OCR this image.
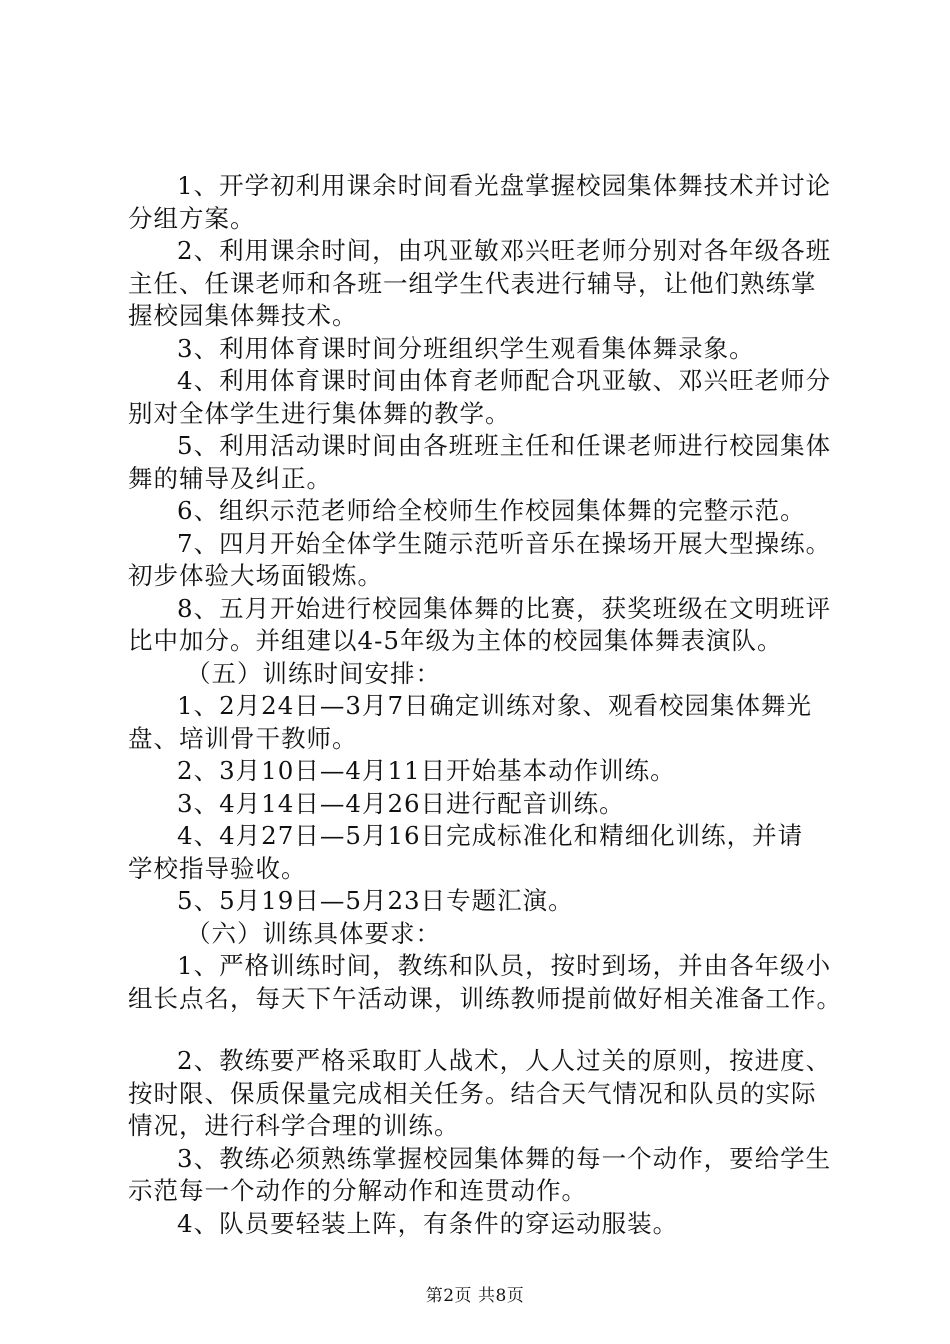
1、开学初利用课余时间看光盘掌握校园集体舞技术并讨论

分组方案。

2、利用课余时间，由巩亚敏邓兴旺老师分别对各年级各班

主任、任课老师和各班一组学生代表进行辅导，让他们熟练掌

握校园集体舞技术。

3、利用体育课时间分班组织学生观看集体舞录象。

4、利用体育课时间由体育老师配合巩亚敏、邓兴旺老师分

别对全体学生进行集体舞的教学。

5、利用活动课时间由各班班主任和任课老师进行校园集体

舞的辅导及纠正。

6、组织示范老师给全校师生作校园集体舞的完整示范。

7、四月开始全体学生随示范听音乐在操场开展大型操练。

初步体验大场面锻炼。

8、五月开始进行校园集体舞的比赛，获奖班级在文明班评

比中加分。并组建以4-5年级为主体的校园集体舞表演队。

（五）训练时间安排：

1、2月24日—3月7日确定训练对象、观看校园集体舞光

盘、培训骨干教师。

2、3月10日—4月11日开始基本动作训练。

3、4月14日—4月26日进行配音训练。

4、4月27日—5月16日完成标准化和精细化训练，并请

学校指导验收。

5、5月19日—5月23日专题汇演。

（六）训练具体要求：

1、严格训练时间，教练和队员，按时到场，并由各年级小

组长点名，每天下午活动课，训练教师提前做好相关准备工作。

2、教练要严格采取盯人战术，人人过关的原则，按进度、

按时限、保质保量完成相关任务。结合天气情况和队员的实际

情况，进行科学合理的训练。

3、教练必须熟练掌握校园集体舞的每一个动作，要给学生

示范每一个动作的分解动作和连贯动作。

4、队员要轻装上阵，有条件的穿运动服装。

第2页 共8页
